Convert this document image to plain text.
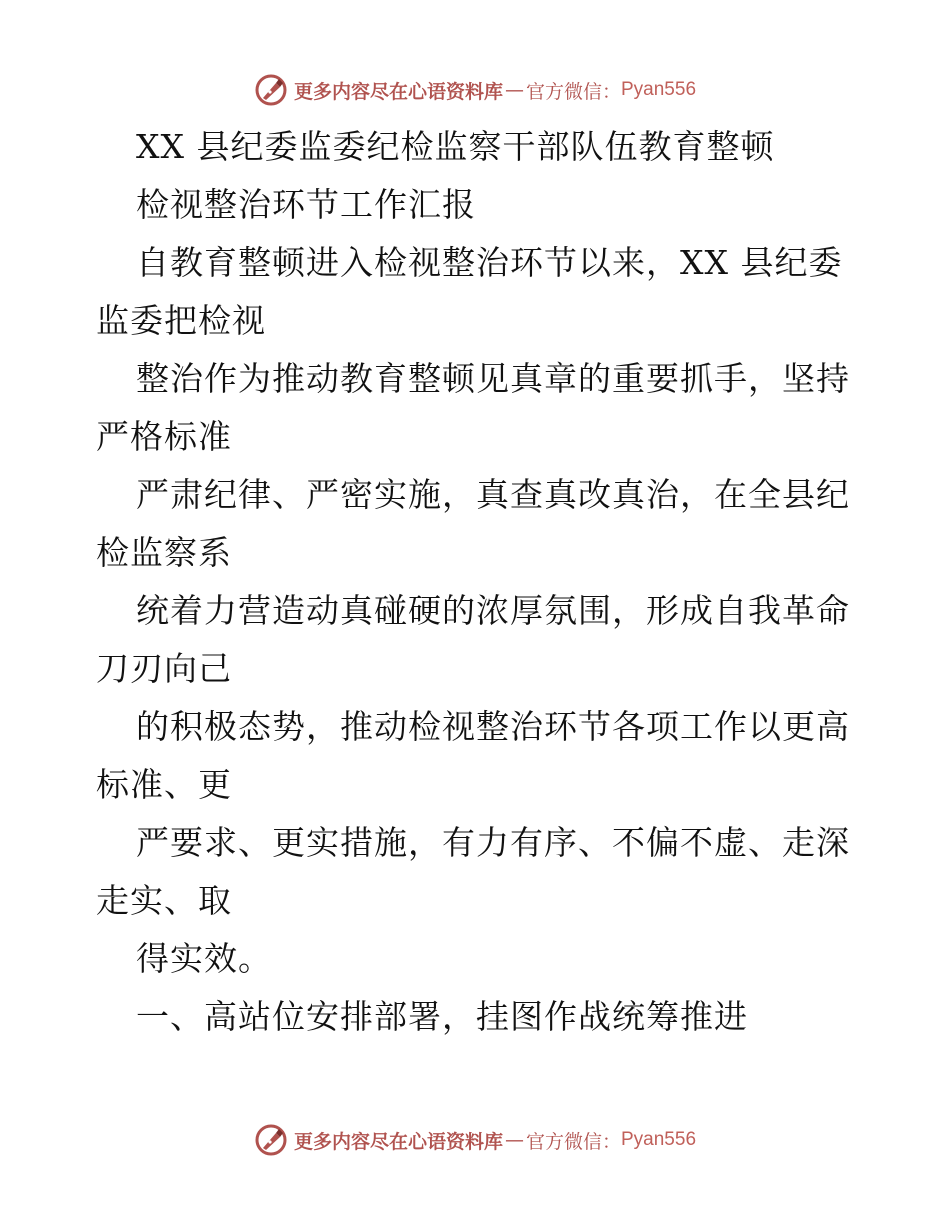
更多内容尽在心语资料库 — 官方微信： Pyan556
XX 县纪委监委纪检监察干部队伍教育整顿
检视整治环节工作汇报
自教育整顿进入检视整治环节以来，XX 县纪委
监委把检视
整治作为推动教育整顿见真章的重要抓手，坚持
严格标准
严肃纪律、严密实施，真查真改真治，在全县纪
检监察系
统着力营造动真碰硬的浓厚氛围，形成自我革命
刀刃向己
的积极态势，推动检视整治环节各项工作以更高
标准、更
严要求、更实措施，有力有序、不偏不虚、走深
走实、取
得实效。
一、高站位安排部署，挂图作战统筹推进
更多内容尽在心语资料库 — 官方微信： Pyan556
